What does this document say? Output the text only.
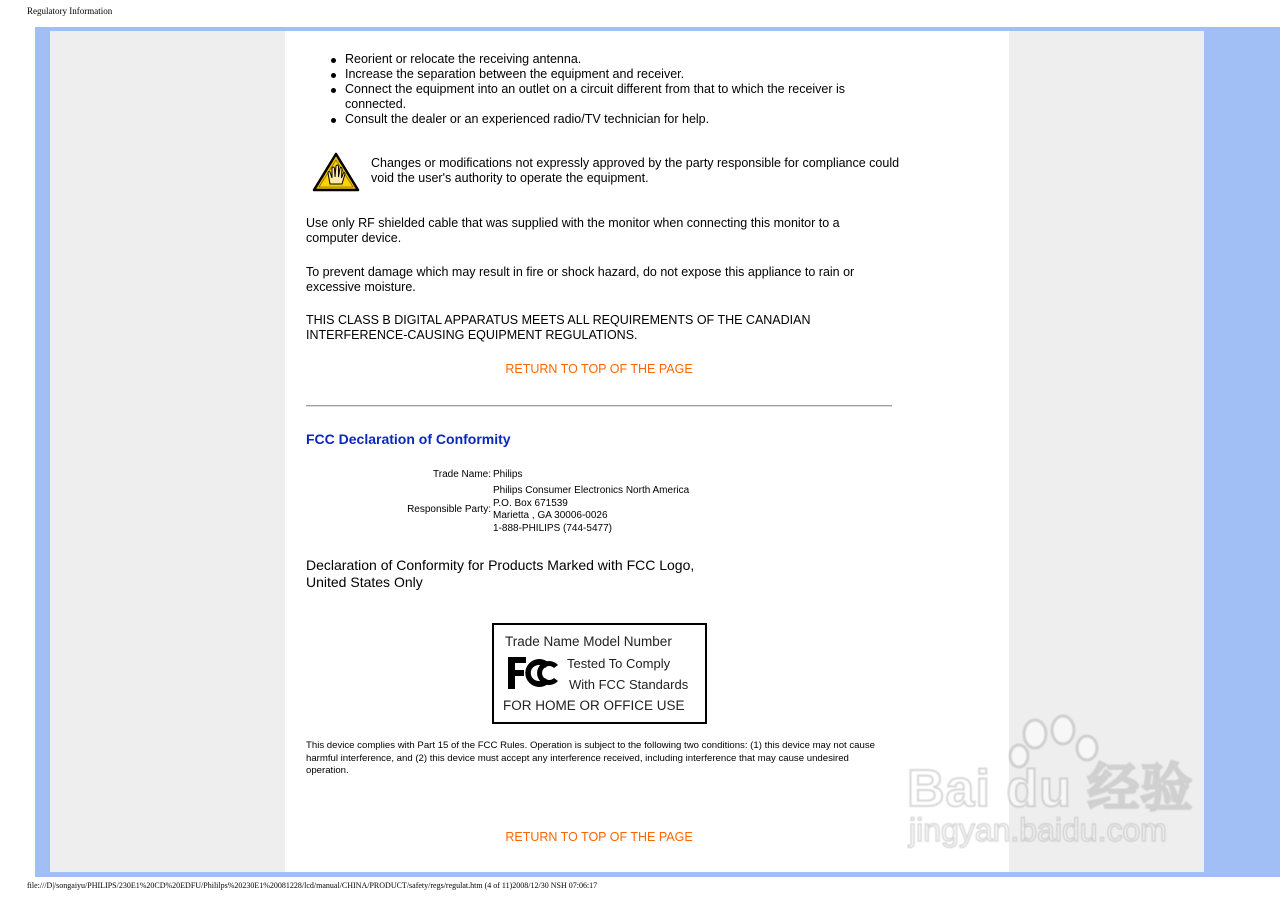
Regulatory Information
Reorient or relocate the receiving antenna.
Increase the separation between the equipment and receiver.
Connect the equipment into an outlet on a circuit different from that to which the receiver is connected.
Consult the dealer or an experienced radio/TV technician for help.
Changes or modifications not expressly approved by the party responsible for compliance could void the user's authority to operate the equipment.
Use only RF shielded cable that was supplied with the monitor when connecting this monitor to a computer device.
To prevent damage which may result in fire or shock hazard, do not expose this appliance to rain or excessive moisture.
THIS CLASS B DIGITAL APPARATUS MEETS ALL REQUIREMENTS OF THE CANADIAN INTERFERENCE-CAUSING EQUIPMENT REGULATIONS.
RETURN TO TOP OF THE PAGE
FCC Declaration of Conformity
Trade Name: Philips
Responsible Party:
Philips Consumer Electronics North America
P.O. Box 671539
Marietta , GA 30006-0026
1-888-PHILIPS (744-5477)
Declaration of Conformity for Products Marked with FCC Logo, United States Only
Trade Name Model Number
Tested To Comply
With FCC Standards
FOR HOME OR OFFICE USE
This device complies with Part 15 of the FCC Rules. Operation is subject to the following two conditions: (1) this device may not cause harmful interference, and (2) this device must accept any interference received, including interference that may cause undesired operation.
RETURN TO TOP OF THE PAGE
Bai du 经验
jingyan.baidu.com
file:///D|/songaiyu/PHILIPS/230E1%20CD%20EDFU/Phililps%20230E1%20081228/lcd/manual/CHINA/PRODUCT/safety/regs/regulat.htm (4 of 11)2008/12/30 NSH 07:06:17
